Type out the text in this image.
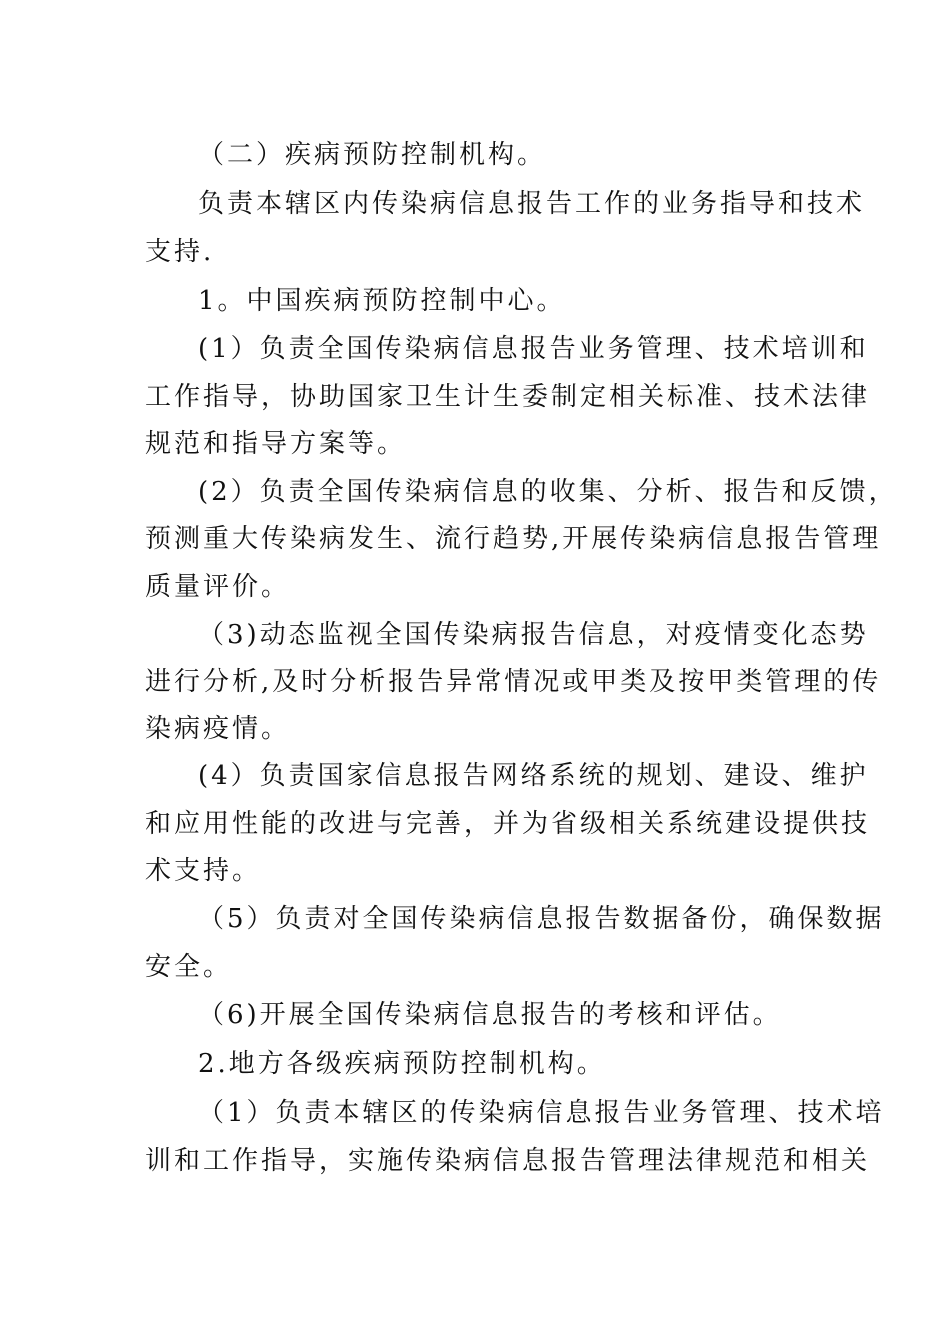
（二）疾病预防控制机构。
负责本辖区内传染病信息报告工作的业务指导和技术
支持.
1。中国疾病预防控制中心。
(1）负责全国传染病信息报告业务管理、技术培训和
工作指导，协助国家卫生计生委制定相关标准、技术法律
规范和指导方案等。
(2）负责全国传染病信息的收集、分析、报告和反馈，
预测重大传染病发生、流行趋势,开展传染病信息报告管理
质量评价。
（3)动态监视全国传染病报告信息，对疫情变化态势
进行分析,及时分析报告异常情况或甲类及按甲类管理的传
染病疫情。
(4）负责国家信息报告网络系统的规划、建设、维护
和应用性能的改进与完善，并为省级相关系统建设提供技
术支持。
（5）负责对全国传染病信息报告数据备份，确保数据
安全。
（6)开展全国传染病信息报告的考核和评估。
2.地方各级疾病预防控制机构。
（1）负责本辖区的传染病信息报告业务管理、技术培
训和工作指导，实施传染病信息报告管理法律规范和相关
